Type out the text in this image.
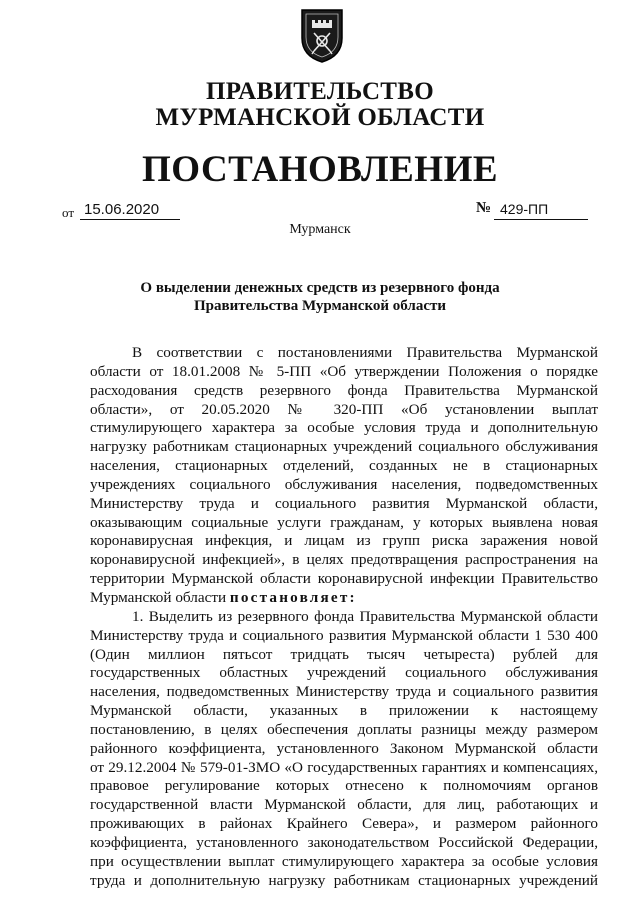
ПРАВИТЕЛЬСТВО
МУРМАНСКОЙ ОБЛАСТИ
ПОСТАНОВЛЕНИЕ
от 15.06.2020	№ 429-ПП
Мурманск
О выделении денежных средств из резервного фонда
Правительства Мурманской области
В соответствии с постановлениями Правительства Мурманской
области от 18.01.2008 № 5-ПП «Об утверждении Положения о порядке
расходования средств резервного фонда Правительства Мурманской
области», от 20.05.2020 № 320-ПП «Об установлении выплат
стимулирующего характера за особые условия труда и дополнительную
нагрузку работникам стационарных учреждений социального обслуживания
населения, стационарных отделений, созданных не в стационарных
учреждениях социального обслуживания населения, подведомственных
Министерству труда и социального развития Мурманской области,
оказывающим социальные услуги гражданам, у которых выявлена новая
коронавирусная инфекция, и лицам из групп риска заражения новой
коронавирусной инфекцией», в целях предотвращения распространения на
территории Мурманской области коронавирусной инфекции Правительство
Мурманской области постановляет:
1. Выделить из резервного фонда Правительства Мурманской области
Министерству труда и социального развития Мурманской области 1 530 400
(Один миллион пятьсот тридцать тысяч четыреста) рублей для
государственных областных учреждений социального обслуживания
населения, подведомственных Министерству труда и социального развития
Мурманской области, указанных в приложении к настоящему
постановлению, в целях обеспечения доплаты разницы между размером
районного коэффициента, установленного Законом Мурманской области
от 29.12.2004 № 579-01-ЗМО «О государственных гарантиях и компенсациях,
правовое регулирование которых отнесено к полномочиям органов
государственной власти Мурманской области, для лиц, работающих и
проживающих в районах Крайнего Севера», и размером районного
коэффициента, установленного законодательством Российской Федерации,
при осуществлении выплат стимулирующего характера за особые условия
труда и дополнительную нагрузку работникам стационарных учреждений
